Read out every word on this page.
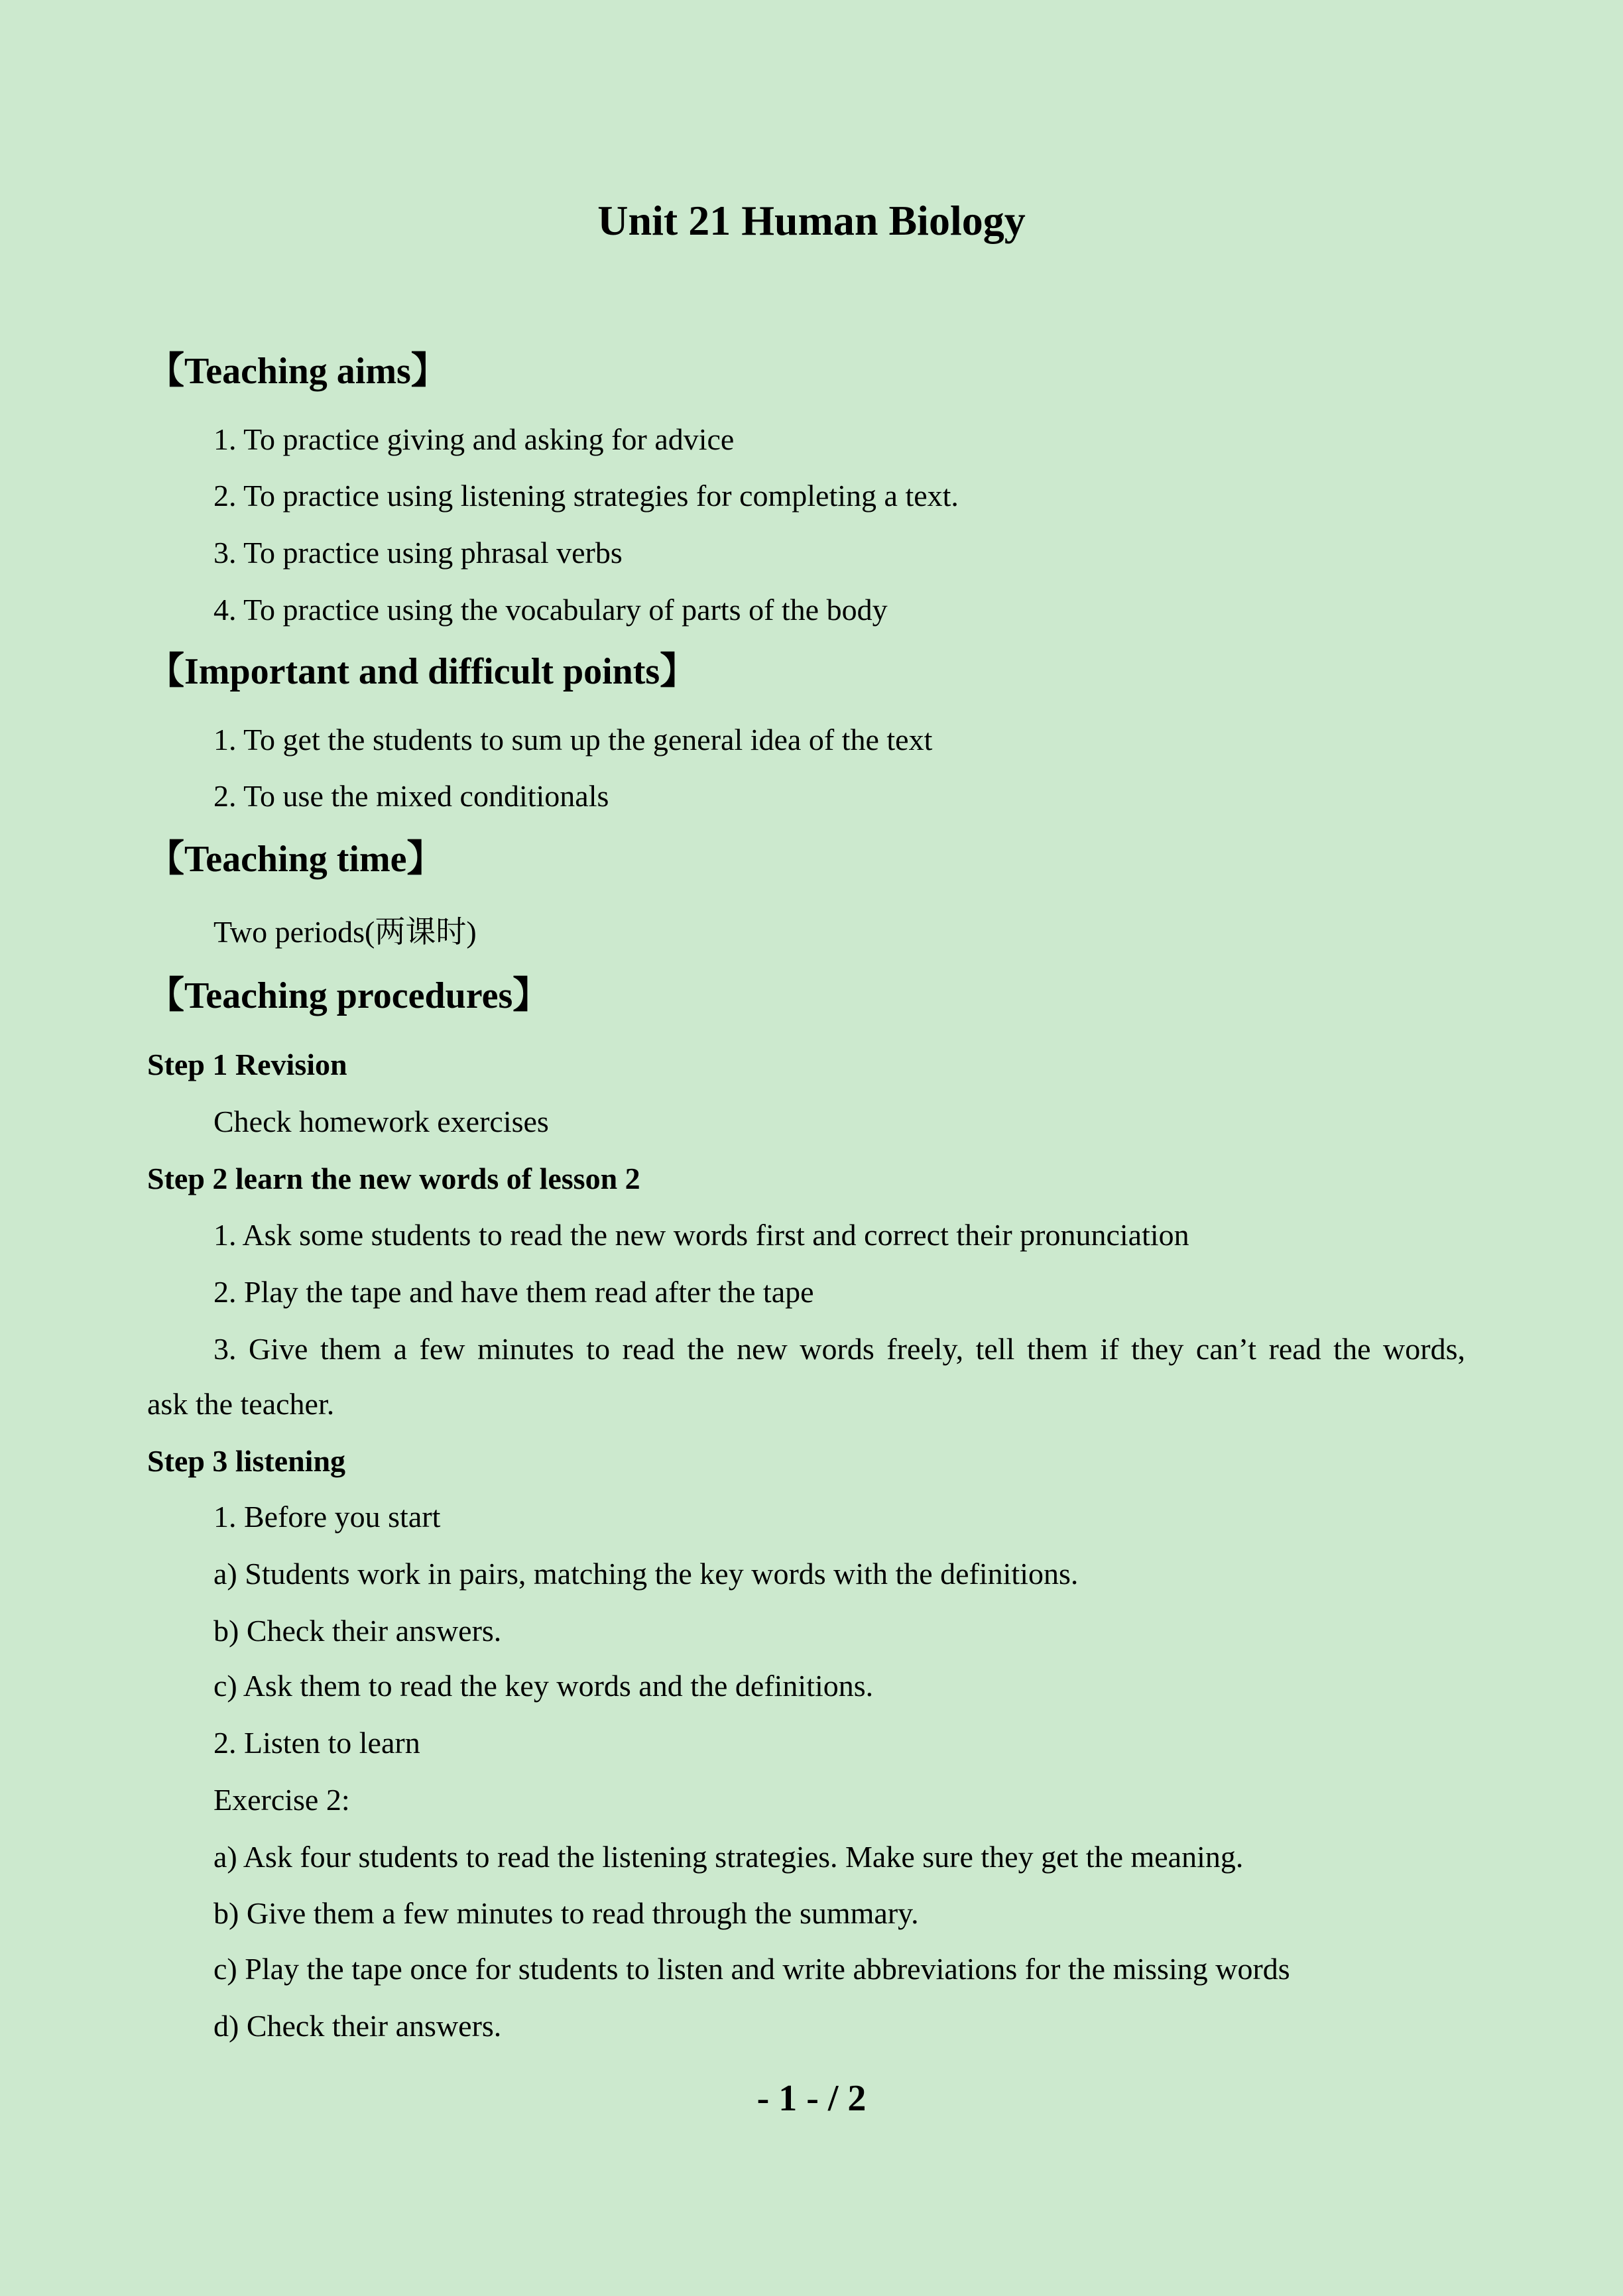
Unit 21 Human Biology
【Teaching aims】
1. To practice giving and asking for advice
2. To practice using listening strategies for completing a text.
3. To practice using phrasal verbs
4. To practice using the vocabulary of parts of the body
【Important and difficult points】
1. To get the students to sum up the general idea of the text
2. To use the mixed conditionals
【Teaching time】
Two periods(两课时)
【Teaching procedures】
Step 1 Revision
Check homework exercises
Step 2 learn the new words of lesson 2
1. Ask some students to read the new words first and correct their pronunciation
2. Play the tape and have them read after the tape
3. Give them a few minutes to read the new words freely, tell them if they can’t read the words,
ask the teacher.
Step 3 listening
1. Before you start
a) Students work in pairs, matching the key words with the definitions.
b) Check their answers.
c) Ask them to read the key words and the definitions.
2. Listen to learn
Exercise 2:
a) Ask four students to read the listening strategies. Make sure they get the meaning.
b) Give them a few minutes to read through the summary.
c) Play the tape once for students to listen and write abbreviations for the missing words
d) Check their answers.
- 1 - / 2
